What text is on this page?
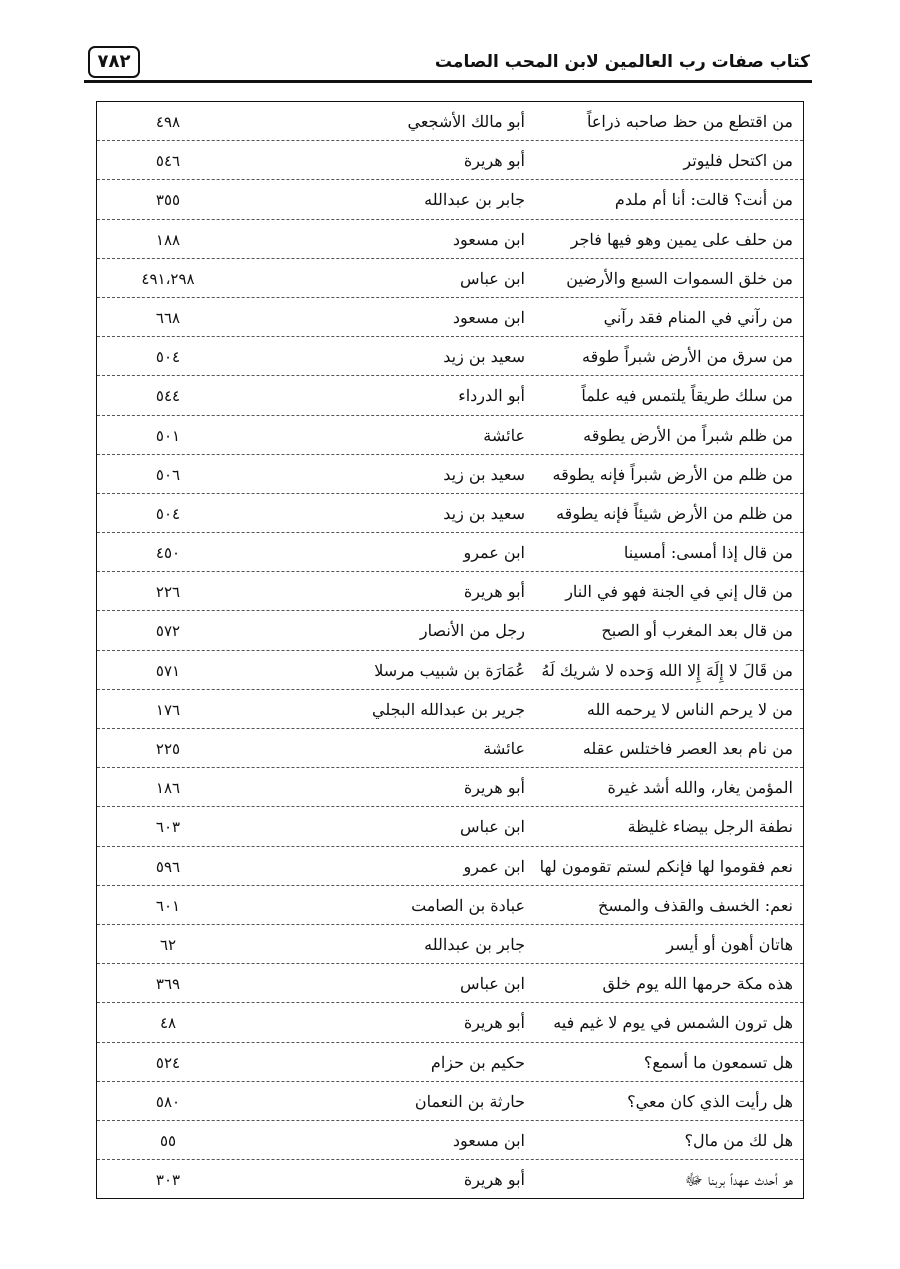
٧٨٢	كتاب صفات رب العالمين لابن المحب الصامت
من اقتطع من حظ صاحبه ذراعاً
أبو مالك الأشجعي
٤٩٨
من اكتحل فليوتر
أبو هريرة
٥٤٦
من أنت؟ قالت: أنا أم ملدم
جابر بن عبدالله
٣٥٥
من حلف على يمين وهو فيها فاجر
ابن مسعود
١٨٨
من خلق السموات السبع والأرضين
ابن عباس
٤٩١،٢٩٨
من رآني في المنام فقد رآني
ابن مسعود
٦٦٨
من سرق من الأرض شبراً طوقه
سعيد بن زيد
٥٠٤
من سلك طريقاً يلتمس فيه علماً
أبو الدرداء
٥٤٤
من ظلم شبراً من الأرض يطوقه
عائشة
٥٠١
من ظلم من الأرض شبراً فإنه يطوقه
سعيد بن زيد
٥٠٦
من ظلم من الأرض شيئاً فإنه يطوقه
سعيد بن زيد
٥٠٤
من قال إذا أمسى: أمسينا
ابن عمرو
٤٥٠
من قال إني في الجنة فهو في النار
أبو هريرة
٢٢٦
من قال بعد المغرب أو الصبح
رجل من الأنصار
٥٧٢
من قَالَ لا إِلَهَ إِلا الله وَحده لا شريك لَهُ
عُمَارَة بن شبيب مرسلا
٥٧١
من لا يرحم الناس لا يرحمه الله
جرير بن عبدالله البجلي
١٧٦
من نام بعد العصر فاختلس عقله
عائشة
٢٢٥
المؤمن يغار، والله أشد غيرة
أبو هريرة
١٨٦
نطفة الرجل بيضاء غليظة
ابن عباس
٦٠٣
نعم فقوموا لها فإنكم لستم تقومون لها
ابن عمرو
٥٩٦
نعم: الخسف والقذف والمسخ
عبادة بن الصامت
٦٠١
هاتان أهون أو أيسر
جابر بن عبدالله
٦٢
هذه مكة حرمها الله يوم خلق
ابن عباس
٣٦٩
هل ترون الشمس في يوم لا غيم فيه
أبو هريرة
٤٨
هل تسمعون ما أسمع؟
حكيم بن حزام
٥٢٤
هل رأيت الذي كان معي؟
حارثة بن النعمان
٥٨٠
هل لك من مال؟
ابن مسعود
٥٥
هو أحدث عهداً بربنا ﷻ
أبو هريرة
٣٠٣
